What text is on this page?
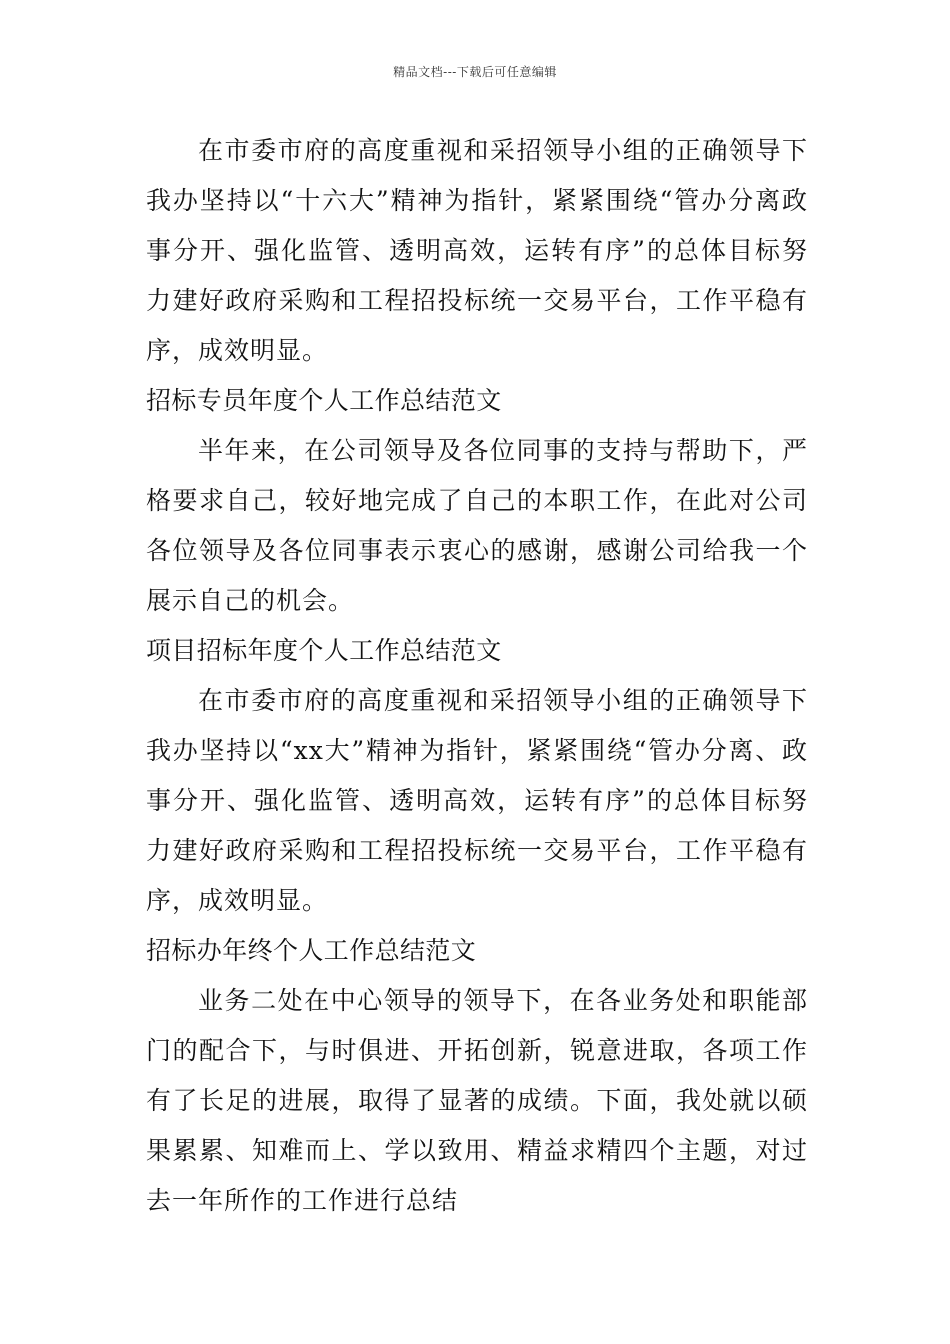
精品文档---下载后可任意编辑

在市委市府的高度重视和采招领导小组的正确领导下我办坚持以“十六大”精神为指针，紧紧围绕“管办分离政事分开、强化监管、透明高效，运转有序”的总体目标努力建好政府采购和工程招投标统一交易平台，工作平稳有序，成效明显。

招标专员年度个人工作总结范文

半年来，在公司领导及各位同事的支持与帮助下，严格要求自己，较好地完成了自己的本职工作，在此对公司各位领导及各位同事表示衷心的感谢，感谢公司给我一个展示自己的机会。

项目招标年度个人工作总结范文

在市委市府的高度重视和采招领导小组的正确领导下我办坚持以“xx大”精神为指针，紧紧围绕“管办分离、政事分开、强化监管、透明高效，运转有序”的总体目标努力建好政府采购和工程招投标统一交易平台，工作平稳有序，成效明显。

招标办年终个人工作总结范文

业务二处在中心领导的领导下，在各业务处和职能部门的配合下，与时俱进、开拓创新，锐意进取，各项工作有了长足的进展，取得了显著的成绩。下面，我处就以硕果累累、知难而上、学以致用、精益求精四个主题，对过去一年所作的工作进行总结
